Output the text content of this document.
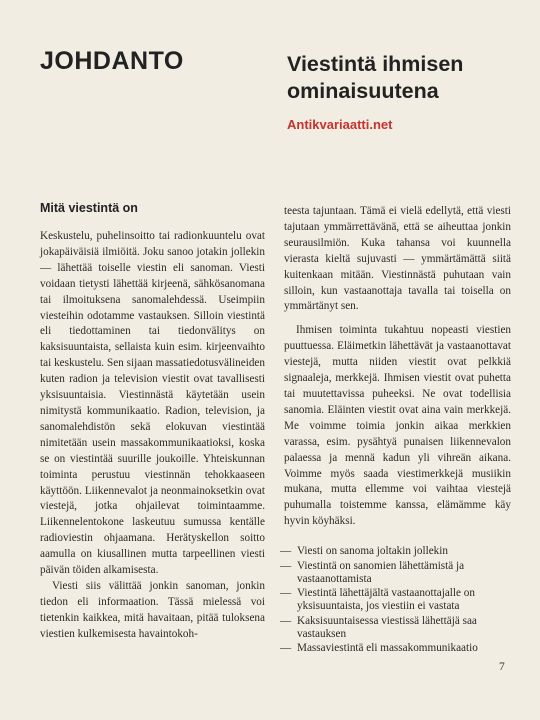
JOHDANTO	Viestintä ihmisen
ominaisuutena
Antikvariaatti.net
Mitä viestintä on

Keskustelu, puhelinsoitto tai radionkuuntelu ovat jokapäiväisiä ilmiöitä. Joku sanoo jotakin jollekin — lähettää toiselle viestin eli sanoman. Viesti voidaan tietysti lähettää kirjeenä, sähkösanomana tai ilmoituksena sanomalehdessä. Useimpiin viesteihin odotamme vastauksen. Silloin viestintä eli tiedottaminen tai tiedonvälitys on kaksisuuntaista, sellaista kuin esim. kirjeenvaihto tai keskustelu. Sen sijaan massatiedotusvälineiden kuten radion ja television viestit ovat tavallisesti yksisuuntaisia. Viestinnästä käytetään usein nimitystä kommunikaatio. Radion, television, ja sanomalehdistön sekä elokuvan viestintää nimitetään usein massakommunikaatioksi, koska se on viestintää suurille joukoille. Yhteiskunnan toiminta perustuu viestinnän tehokkaaseen käyttöön. Liikennevalot ja neonmainoksetkin ovat viestejä, jotka ohjailevat toimintaamme. Liikennelentokone laskeutuu sumussa kentälle radioviestin ohjaamana. Herätyskellon soitto aamulla on kiusallinen mutta tarpeellinen viesti päivän töiden alkamisesta.

Viesti siis välittää jonkin sanoman, jonkin tiedon eli informaation. Tässä mielessä voi tietenkin kaikkea, mitä havaitaan, pitää tuloksena viestien kulkemisesta havaintokoh-

teesta tajuntaan. Tämä ei vielä edellytä, että viesti tajutaan ymmärrettävänä, että se aiheuttaa jonkin seurausilmiön. Kuka tahansa voi kuunnella vierasta kieltä sujuvasti — ymmärtämättä siitä kuitenkaan mitään. Viestinnästä puhutaan vain silloin, kun vastaanottaja tavalla tai toisella on ymmärtänyt sen.

Ihmisen toiminta tukahtuu nopeasti viestien puuttuessa. Eläimetkin lähettävät ja vastaanottavat viestejä, mutta niiden viestit ovat pelkkiä signaaleja, merkkejä. Ihmisen viestit ovat puhetta tai muutettavissa puheeksi. Ne ovat todellisia sanomia. Eläinten viestit ovat aina vain merkkejä. Me voimme toimia jonkin aikaa merkkien varassa, esim. pysähtyä punaisen liikennevalon palaessa ja mennä kadun yli vihreän aikana. Voimme myös saada viestimerkkejä musiikin mukana, mutta ellemme voi vaihtaa viestejä puhumalla toistemme kanssa, elämämme käy hyvin köyhäksi.

— Viesti on sanoma joltakin jollekin
— Viestintä on sanomien lähettämistä ja vastaanottamista
— Viestintä lähettäjältä vastaanottajalle on yksisuuntaista, jos viestiin ei vastata
— Kaksisuuntaisessa viestissä lähettäjä saa vastauksen
— Massaviestintä eli massakommunikaatio
7
